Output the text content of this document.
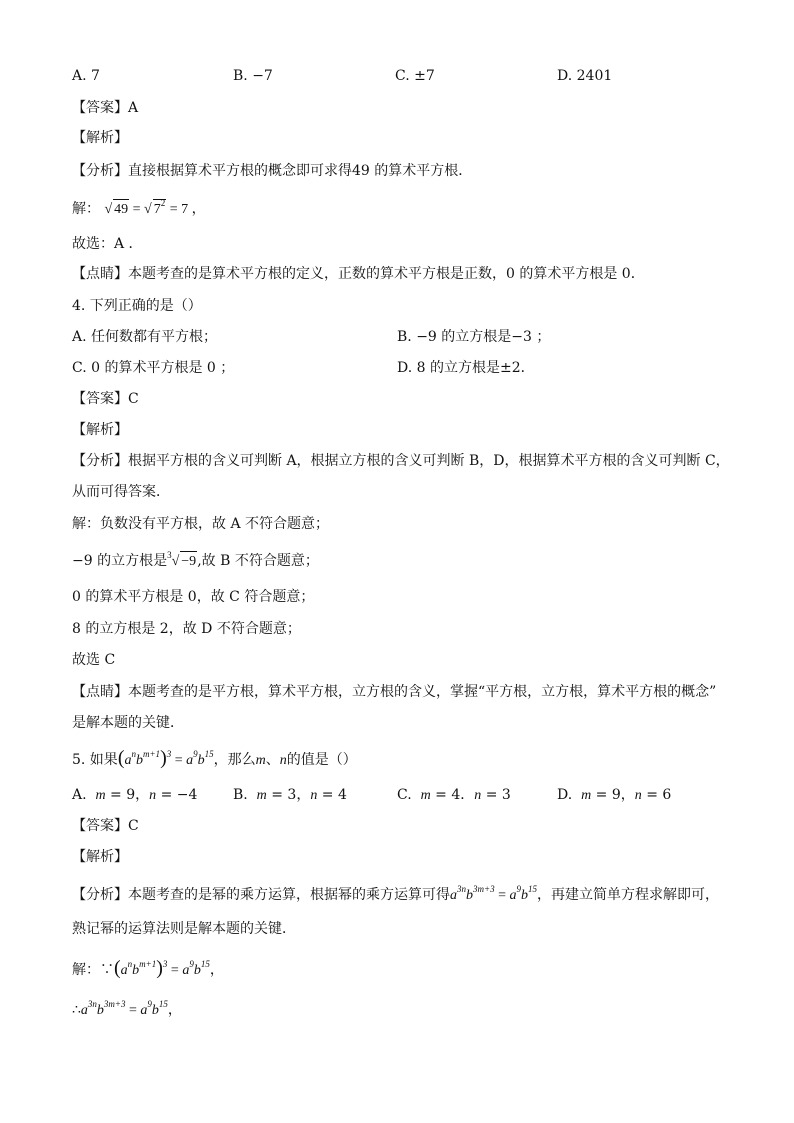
A. 7	B. −7	C. ±7	D. 2401
【答案】A
【解析】
【分析】直接根据算术平方根的概念即可求得49 的算术平方根．
解： √ 49 = √ $7^2 = 7$ ，
故选：A ．
【点睛】本题考查的是算术平方根的定义，正数的算术平方根是正数，0 的算术平方根是 0．
4. 下列正确的是（）
A. 任何数都有平方根；	B. −9 的立方根是−3 ；
C. 0 的算术平方根是 0 ；	D. 8 的立方根是±2．
【答案】C
【解析】
【分析】根据平方根的含义可判断 A，根据立方根的含义可判断 B，D，根据算术平方根的含义可判断 C，
从而可得答案．
解：负数没有平方根，故 A 不符合题意；
−9 的立方根是$^3$√ −9,故 B 不符合题意；
0 的算术平方根是 0，故 C 符合题意；
8 的立方根是 2，故 D 不符合题意；
故选 C
【点睛】本题考查的是平方根，算术平方根，立方根的含义，掌握“平方根，立方根，算术平方根的概念”
是解本题的关键．
5. 如果$(a^nb^{m+1})^3 = a^9b^{15}$，那么m、n的值是（）
A. m = 9，n = −4	B. m = 3，n = 4	C. m = 4．n = 3	D. m = 9，n = 6
【答案】C
【解析】
【分析】本题考查的是幂的乘方运算，根据幂的乘方运算可得$a^{3n}b^{3m+3} = a^9b^{15}$，再建立简单方程求解即可，
熟记幂的运算法则是解本题的关键．
解：$\because(a^nb^{m+1})^3 = a^9b^{15}$，
$\therefore a^{3n}b^{3m+3} = a^9b^{15}$，
